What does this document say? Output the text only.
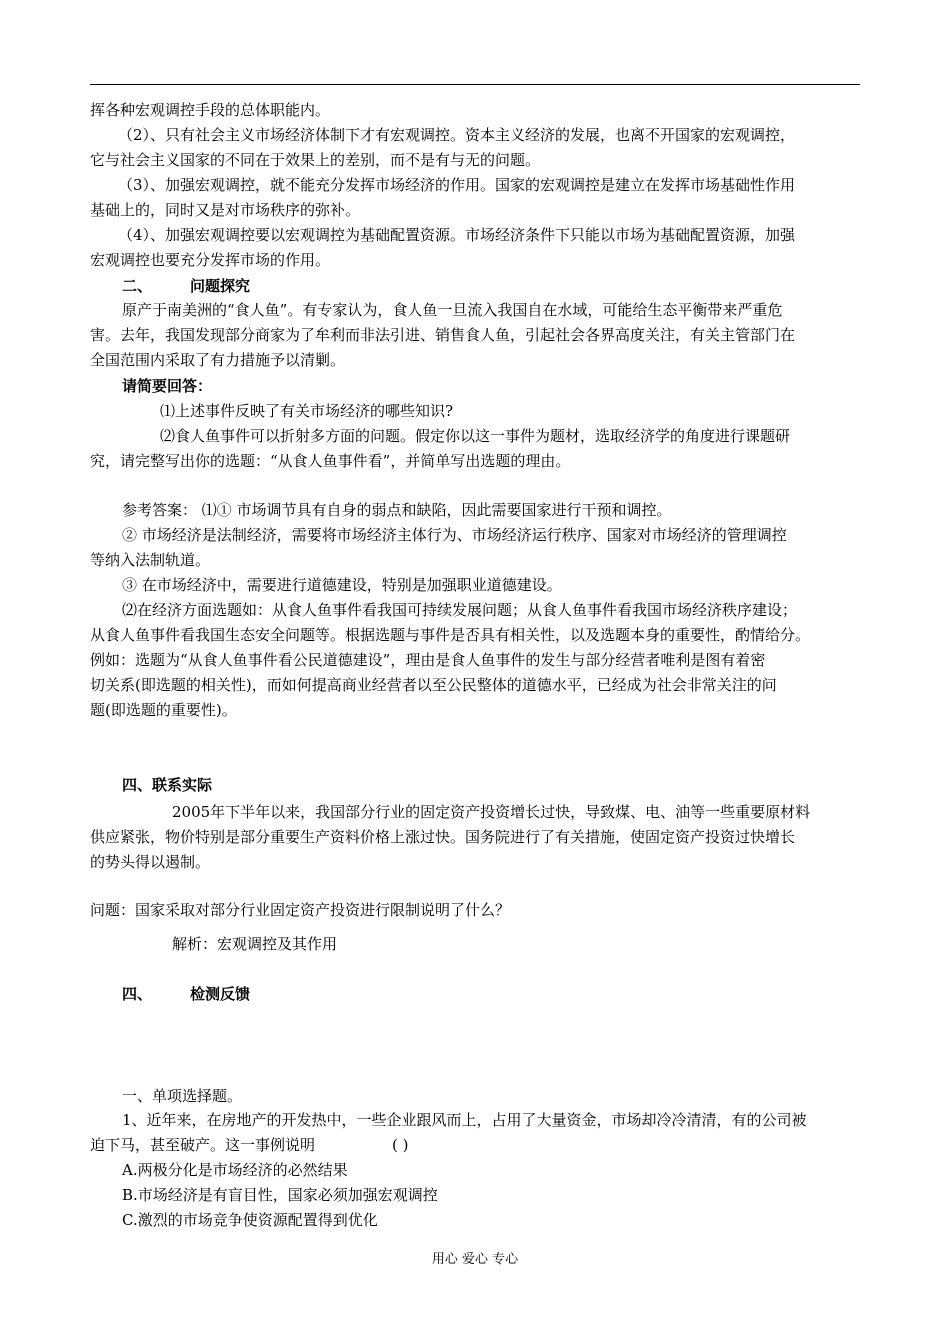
挥各种宏观调控手段的总体职能内。
（2）、只有社会主义市场经济体制下才有宏观调控。资本主义经济的发展，也离不开国家的宏观调控，
它与社会主义国家的不同在于效果上的差别，而不是有与无的问题。
（3）、加强宏观调控，就不能充分发挥市场经济的作用。国家的宏观调控是建立在发挥市场基础性作用
基础上的，同时又是对市场秩序的弥补。
（4）、加强宏观调控要以宏观调控为基础配置资源。市场经济条件下只能以市场为基础配置资源，加强
宏观调控也要充分发挥市场的作用。
二、	问题探究
原产于南美洲的“食人鱼”。有专家认为，食人鱼一旦流入我国自在水域，可能给生态平衡带来严重危
害。去年，我国发现部分商家为了牟利而非法引进、销售食人鱼，引起社会各界高度关注，有关主管部门在
全国范围内采取了有力措施予以清剿。
请简要回答：
⑴上述事件反映了有关市场经济的哪些知识?
⑵食人鱼事件可以折射多方面的问题。假定你以这一事件为题材，选取经济学的角度进行课题研
究，请完整写出你的选题：“从食人鱼事件看”，并简单写出选题的理由。
参考答案： ⑴① 市场调节具有自身的弱点和缺陷，因此需要国家进行干预和调控。
② 市场经济是法制经济，需要将市场经济主体行为、市场经济运行秩序、国家对市场经济的管理调控
等纳入法制轨道。
③ 在市场经济中，需要进行道德建设，特别是加强职业道德建设。
⑵在经济方面选题如：从食人鱼事件看我国可持续发展问题；从食人鱼事件看我国市场经济秩序建设；
从食人鱼事件看我国生态安全问题等。根据选题与事件是否具有相关性，以及选题本身的重要性，酌情给分。
例如：选题为“从食人鱼事件看公民道德建设”，理由是食人鱼事件的发生与部分经营者唯利是图有着密
切关系(即选题的相关性)，而如何提高商业经营者以至公民整体的道德水平，已经成为社会非常关注的问
题(即选题的重要性)。
四、联系实际
2005年下半年以来，我国部分行业的固定资产投资增长过快，导致煤、电、油等一些重要原材料
供应紧张，物价特别是部分重要生产资料价格上涨过快。国务院进行了有关措施，使固定资产投资过快增长
的势头得以遏制。
问题：国家采取对部分行业固定资产投资进行限制说明了什么？
解析：宏观调控及其作用
四、	检测反馈
一、单项选择题。
1、近年来，在房地产的开发热中，一些企业跟风而上，占用了大量资金，市场却冷冷清清，有的公司被
迫下马，甚至破产。这一事例说明	( )
A.两极分化是市场经济的必然结果
B.市场经济是有盲目性，国家必须加强宏观调控
C.激烈的市场竞争使资源配置得到优化
用心 爱心 专心
